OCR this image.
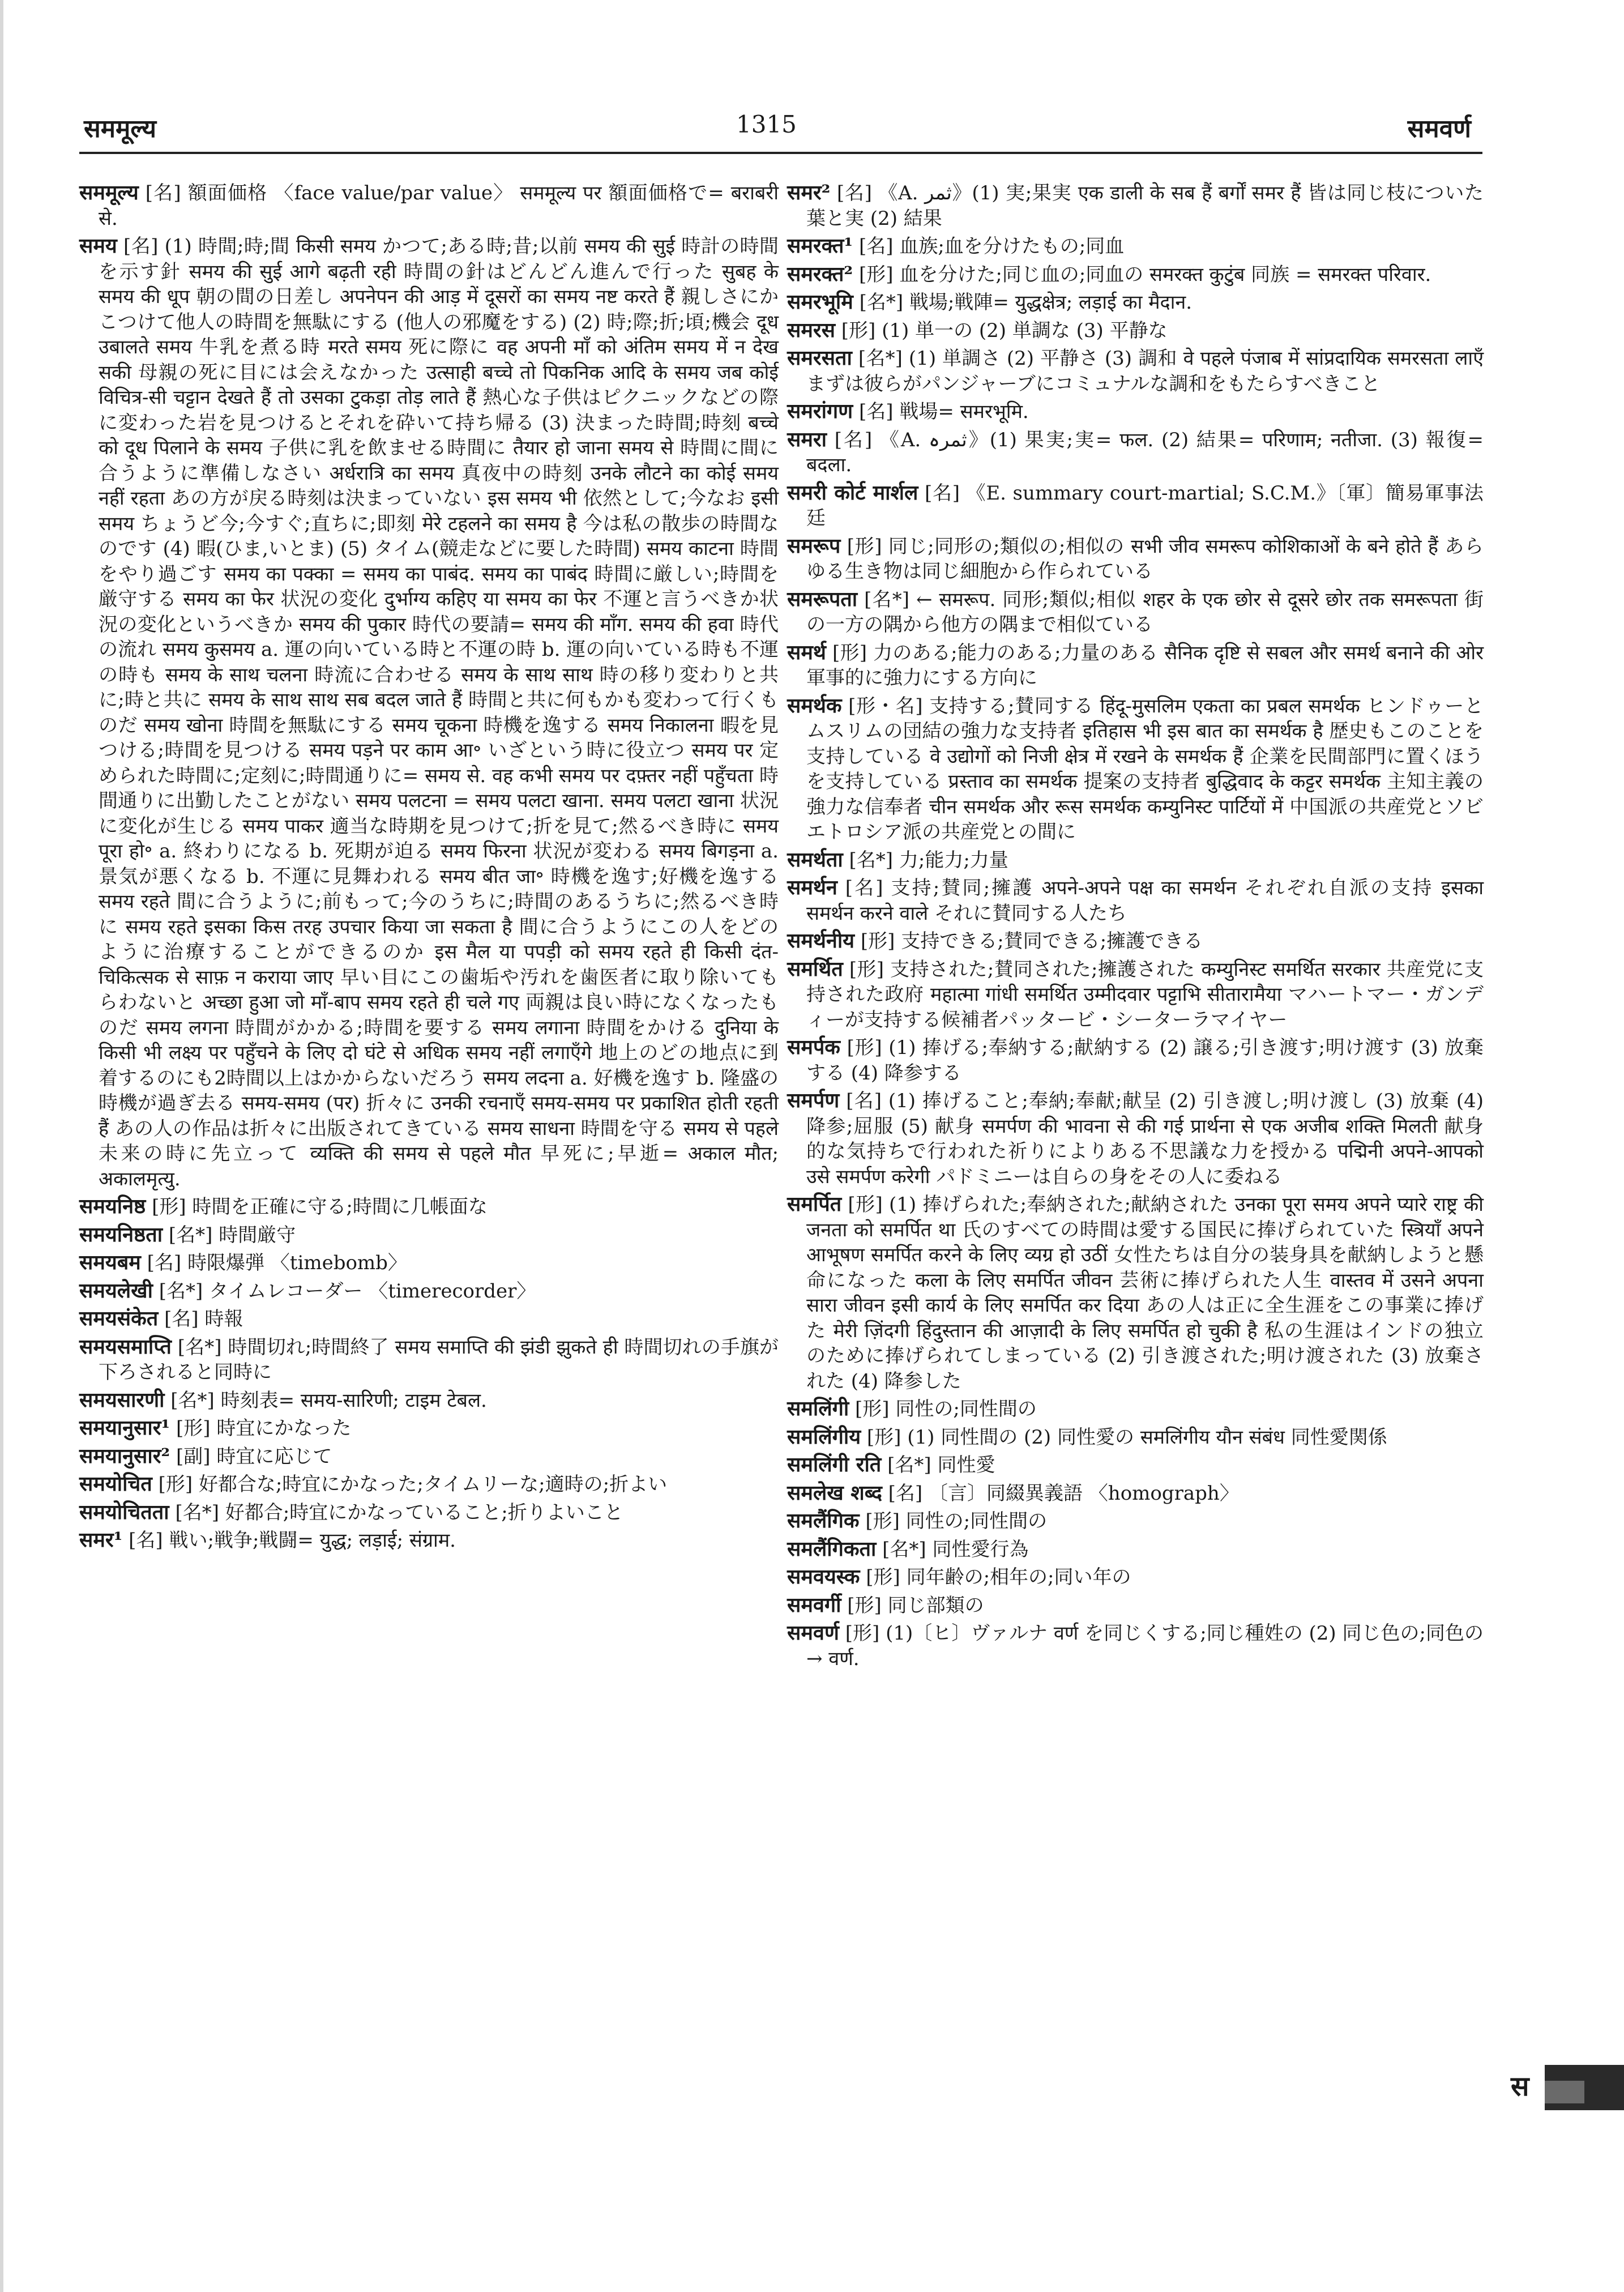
सममूल्य	1315	समवर्ण

सममूल्य [名] 額面価格 〈face value/par value〉 सममूल्य पर 額面価格で= बराबरी से.

समय [名] (1) 時間;時;間 किसी समय かつて;ある時;昔;以前 समय की सुई 時計の時間を示す針 समय की सुई आगे बढ़ती रही 時間の針はどんどん進んで行った सुबह के समय की धूप 朝の間の日差し अपनेपन की आड़ में दूसरों का समय नष्ट करते हैं 親しさにかこつけて他人の時間を無駄にする (他人の邪魔をする) (2) 時;際;折;頃;機会 दूध उबालते समय 牛乳を煮る時 मरते समय 死に際に वह अपनी माँ को अंतिम समय में न देख सकी 母親の死に目には会えなかった उत्साही बच्चे तो पिकनिक आदि के समय जब कोई विचित्र-सी चट्टान देखते हैं तो उसका टुकड़ा तोड़ लाते हैं 熱心な子供はピクニックなどの際に変わった岩を見つけるとそれを砕いて持ち帰る (3) 決まった時間;時刻 बच्चे को दूध पिलाने के समय 子供に乳を飲ませる時間に तैयार हो जाना समय से 時間に間に合うように準備しなさい अर्धरात्रि का समय 真夜中の時刻 उनके लौटने का कोई समय नहीं रहता あの方が戻る時刻は決まっていない इस समय भी 依然として;今なお इसी समय ちょうど今;今すぐ;直ちに;即刻 मेरे टहलने का समय है 今は私の散歩の時間なのです (4) 暇(ひま,いとま) (5) タイム(競走などに要した時間) समय काटना 時間をやり過ごす समय का पक्का = समय का पाबंद. समय का पाबंद 時間に厳しい;時間を厳守する समय का फेर 状況の変化 दुर्भाग्य कहिए या समय का फेर 不運と言うべきか状況の変化というべきか समय की पुकार 時代の要請= समय की माँग. समय की हवा 時代の流れ समय कुसमय a. 運の向いている時と不運の時 b. 運の向いている時も不運の時も समय के साथ चलना 時流に合わせる समय के साथ साथ 時の移り変わりと共に;時と共に समय के साथ साथ सब बदल जाते हैं 時間と共に何もかも変わって行くものだ समय खोना 時間を無駄にする समय चूकना 時機を逸する समय निकालना 暇を見つける;時間を見つける समय पड़ने पर काम आ॰ いざという時に役立つ समय पर 定められた時間に;定刻に;時間通りに= समय से. वह कभी समय पर दफ़्तर नहीं पहुँचता 時間通りに出勤したことがない समय पलटना = समय पलटा खाना. समय पलटा खाना 状況に変化が生じる समय पाकर 適当な時期を見つけて;折を見て;然るべき時に समय पूरा हो॰ a. 終わりになる b. 死期が迫る समय फिरना 状況が変わる समय बिगड़ना a. 景気が悪くなる b. 不運に見舞われる समय बीत जा॰ 時機を逸す;好機を逸する समय रहते 間に合うように;前もって;今のうちに;時間のあるうちに;然るべき時に समय रहते इसका किस तरह उपचार किया जा सकता है 間に合うようにこの人をどのように治療することができるのか इस मैल या पपड़ी को समय रहते ही किसी दंत-चिकित्सक से साफ़ न कराया जाए 早い目にこの歯垢や汚れを歯医者に取り除いてもらわないと अच्छा हुआ जो माँ-बाप समय रहते ही चले गए 両親は良い時になくなったものだ समय लगना 時間がかかる;時間を要する समय लगाना 時間をかける दुनिया के किसी भी लक्ष्य पर पहुँचने के लिए दो घंटे से अधिक समय नहीं लगाएँगे 地上のどの地点に到着するのにも2時間以上はかからないだろう समय लदना a. 好機を逸す b. 隆盛の時機が過ぎ去る समय-समय (पर) 折々に उनकी रचनाएँ समय-समय पर प्रकाशित होती रहती हैं あの人の作品は折々に出版されてきている समय साधना 時間を守る समय से पहले 未来の時に先立って व्यक्ति की समय से पहले मौत 早死に;早逝= अकाल मौत; अकालमृत्यु.

समयनिष्ठ [形] 時間を正確に守る;時間に几帳面な

समयनिष्ठता [名*] 時間厳守

समयबम [名] 時限爆弾 〈timebomb〉

समयलेखी [名*] タイムレコーダー 〈timerecorder〉

समयसंकेत [名] 時報

समयसमाप्ति [名*] 時間切れ;時間終了 समय समाप्ति की झंडी झुकते ही 時間切れの手旗が下ろされると同時に

समयसारणी [名*] 時刻表= समय-सारिणी; टाइम टेबल.

समयानुसार¹ [形] 時宜にかなった

समयानुसार² [副] 時宜に応じて

समयोचित [形] 好都合な;時宜にかなった;タイムリーな;適時の;折よい

समयोचितता [名*] 好都合;時宜にかなっていること;折りよいこと

समर¹ [名] 戦い;戦争;戦闘= युद्ध; लड़ाई; संग्राम.

समर² [名] 《A. ثمر》(1) 実;果実 एक डाली के सब हैं बर्गों समर हैं 皆は同じ枝についた葉と実 (2) 結果

समरक्त¹ [名] 血族;血を分けたもの;同血

समरक्त² [形] 血を分けた;同じ血の;同血の समरक्त कुटुंब 同族 = समरक्त परिवार.

समरभूमि [名*] 戦場;戦陣= युद्धक्षेत्र; लड़ाई का मैदान.

समरस [形] (1) 単一の (2) 単調な (3) 平静な

समरसता [名*] (1) 単調さ (2) 平静さ (3) 調和 वे पहले पंजाब में सांप्रदायिक समरसता लाएँ まずは彼らがパンジャーブにコミュナルな調和をもたらすべきこと

समरांगण [名] 戦場= समरभूमि.

समरा [名] 《A. ثمرہ》(1) 果実;実= फल. (2) 結果= परिणाम; नतीजा. (3) 報復= बदला.

समरी कोर्ट मार्शल [名] 《E. summary court-martial; S.C.M.》〔軍〕簡易軍事法廷

समरूप [形] 同じ;同形の;類似の;相似の सभी जीव समरूप कोशिकाओं के बने होते हैं あらゆる生き物は同じ細胞から作られている

समरूपता [名*] ← समरूप. 同形;類似;相似 शहर के एक छोर से दूसरे छोर तक समरूपता 街の一方の隅から他方の隅まで相似ている

समर्थ [形] 力のある;能力のある;力量のある सैनिक दृष्टि से सबल और समर्थ बनाने की ओर 軍事的に強力にする方向に

समर्थक [形・名] 支持する;賛同する हिंदू-मुसलिम एकता का प्रबल समर्थक ヒンドゥーとムスリムの団結の強力な支持者 इतिहास भी इस बात का समर्थक है 歴史もこのことを支持している वे उद्योगों को निजी क्षेत्र में रखने के समर्थक हैं 企業を民間部門に置くほうを支持している प्रस्ताव का समर्थक 提案の支持者 बुद्धिवाद के कट्टर समर्थक 主知主義の強力な信奉者 चीन समर्थक और रूस समर्थक कम्युनिस्ट पार्टियों में 中国派の共産党とソビエトロシア派の共産党との間に

समर्थता [名*] 力;能力;力量

समर्थन [名] 支持;賛同;擁護 अपने-अपने पक्ष का समर्थन それぞれ自派の支持 इसका समर्थन करने वाले それに賛同する人たち

समर्थनीय [形] 支持できる;賛同できる;擁護できる

समर्थित [形] 支持された;賛同された;擁護された कम्युनिस्ट समर्थित सरकार 共産党に支持された政府 महात्मा गांधी समर्थित उम्मीदवार पट्टाभि सीतारामैया マハートマー・ガンディーが支持する候補者パッタービ・シーターラマイヤー

समर्पक [形] (1) 捧げる;奉納する;献納する (2) 譲る;引き渡す;明け渡す (3) 放棄する (4) 降参する

समर्पण [名] (1) 捧げること;奉納;奉献;献呈 (2) 引き渡し;明け渡し (3) 放棄 (4) 降参;屈服 (5) 献身 समर्पण की भावना से की गई प्रार्थना से एक अजीब शक्ति मिलती 献身的な気持ちで行われた祈りによりある不思議な力を授かる पद्मिनी अपने-आपको उसे समर्पण करेगी パドミニーは自らの身をその人に委ねる

समर्पित [形] (1) 捧げられた;奉納された;献納された उनका पूरा समय अपने प्यारे राष्ट्र की जनता को समर्पित था 氏のすべての時間は愛する国民に捧げられていた स्त्रियाँ अपने आभूषण समर्पित करने के लिए व्यग्र हो उठीं 女性たちは自分の装身具を献納しようと懸命になった कला के लिए समर्पित जीवन 芸術に捧げられた人生 वास्तव में उसने अपना सारा जीवन इसी कार्य के लिए समर्पित कर दिया あの人は正に全生涯をこの事業に捧げた मेरी ज़िंदगी हिंदुस्तान की आज़ादी के लिए समर्पित हो चुकी है 私の生涯はインドの独立のために捧げられてしまっている (2) 引き渡された;明け渡された (3) 放棄された (4) 降参した

समलिंगी [形] 同性の;同性間の

समलिंगीय [形] (1) 同性間の (2) 同性愛の समलिंगीय यौन संबंध 同性愛関係

समलिंगी रति [名*] 同性愛

समलेख शब्द [名] 〔言〕同綴異義語 〈homograph〉

समलैंगिक [形] 同性の;同性間の

समलैंगिकता [名*] 同性愛行為

समवयस्क [形] 同年齢の;相年の;同い年の

समवर्गी [形] 同じ部類の

समवर्ण [形] (1)〔ヒ〕ヴァルナ वर्ण を同じくする;同じ種姓の (2) 同じ色の;同色の→ वर्ण.

स
